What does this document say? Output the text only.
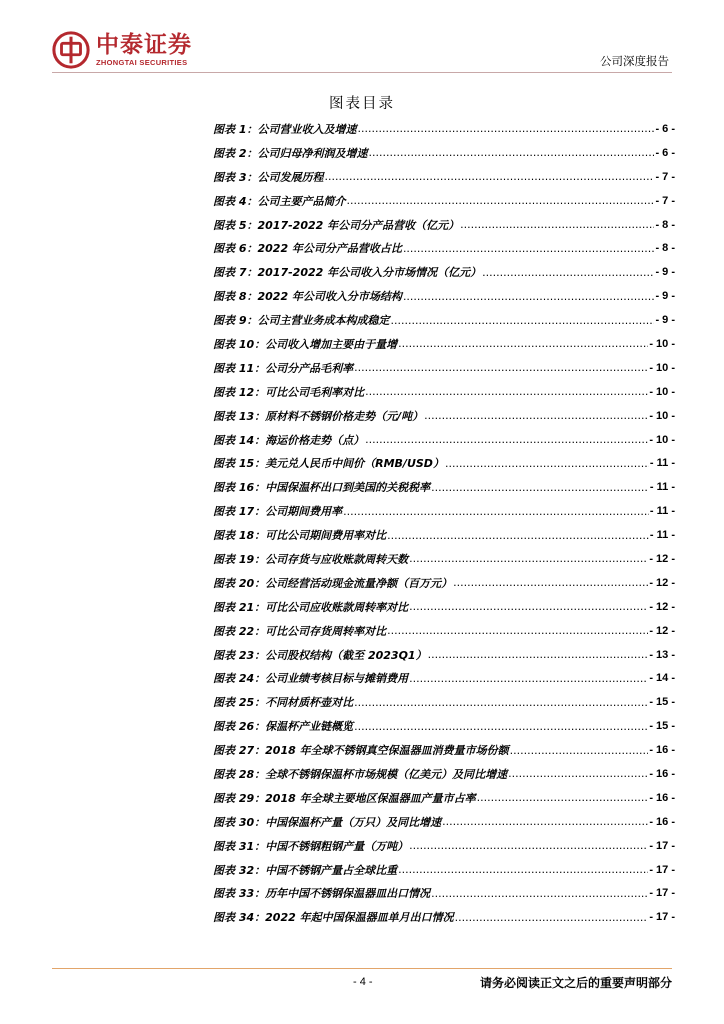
中泰证券
ZHONGTAI SECURITIES	公司深度报告
图表目录
图表 1：公司营业收入及增速 .....	- 6 -
图表 2：公司归母净利润及增速 .....	- 6 -
图表 3：公司发展历程 .....	- 7 -
图表 4：公司主要产品简介 .....	- 7 -
图表 5：2017-2022 年公司分产品营收（亿元） .....	- 8 -
图表 6：2022 年公司分产品营收占比 .....	- 8 -
图表 7：2017-2022 年公司收入分市场情况（亿元） .....	- 9 -
图表 8：2022 年公司收入分市场结构 .....	- 9 -
图表 9：公司主营业务成本构成稳定 .....	- 9 -
图表 10：公司收入增加主要由于量增 .....	- 10 -
图表 11：公司分产品毛利率 .....	- 10 -
图表 12：可比公司毛利率对比 .....	- 10 -
图表 13：原材料不锈钢价格走势（元/吨） .....	- 10 -
图表 14：海运价格走势（点） .....	- 10 -
图表 15：美元兑人民币中间价（RMB/USD） .....	- 11 -
图表 16：中国保温杯出口到美国的关税税率 .....	- 11 -
图表 17：公司期间费用率 .....	- 11 -
图表 18：可比公司期间费用率对比 .....	- 11 -
图表 19：公司存货与应收账款周转天数 .....	- 12 -
图表 20：公司经营活动现金流量净额（百万元） .....	- 12 -
图表 21：可比公司应收账款周转率对比 .....	- 12 -
图表 22：可比公司存货周转率对比 .....	- 12 -
图表 23：公司股权结构（截至 2023Q1） .....	- 13 -
图表 24：公司业绩考核目标与摊销费用 .....	- 14 -
图表 25：不同材质杯壶对比 .....	- 15 -
图表 26：保温杯产业链概览 .....	- 15 -
图表 27：2018 年全球不锈钢真空保温器皿消费量市场份额 .....	- 16 -
图表 28：全球不锈钢保温杯市场规模（亿美元）及同比增速 .....	- 16 -
图表 29：2018 年全球主要地区保温器皿产量市占率 .....	- 16 -
图表 30：中国保温杯产量（万只）及同比增速 .....	- 16 -
图表 31：中国不锈钢粗钢产量（万吨） .....	- 17 -
图表 32：中国不锈钢产量占全球比重 .....	- 17 -
图表 33：历年中国不锈钢保温器皿出口情况 .....	- 17 -
图表 34：2022 年起中国保温器皿单月出口情况 .....	- 17 -
- 4 -	请务必阅读正文之后的重要声明部分
